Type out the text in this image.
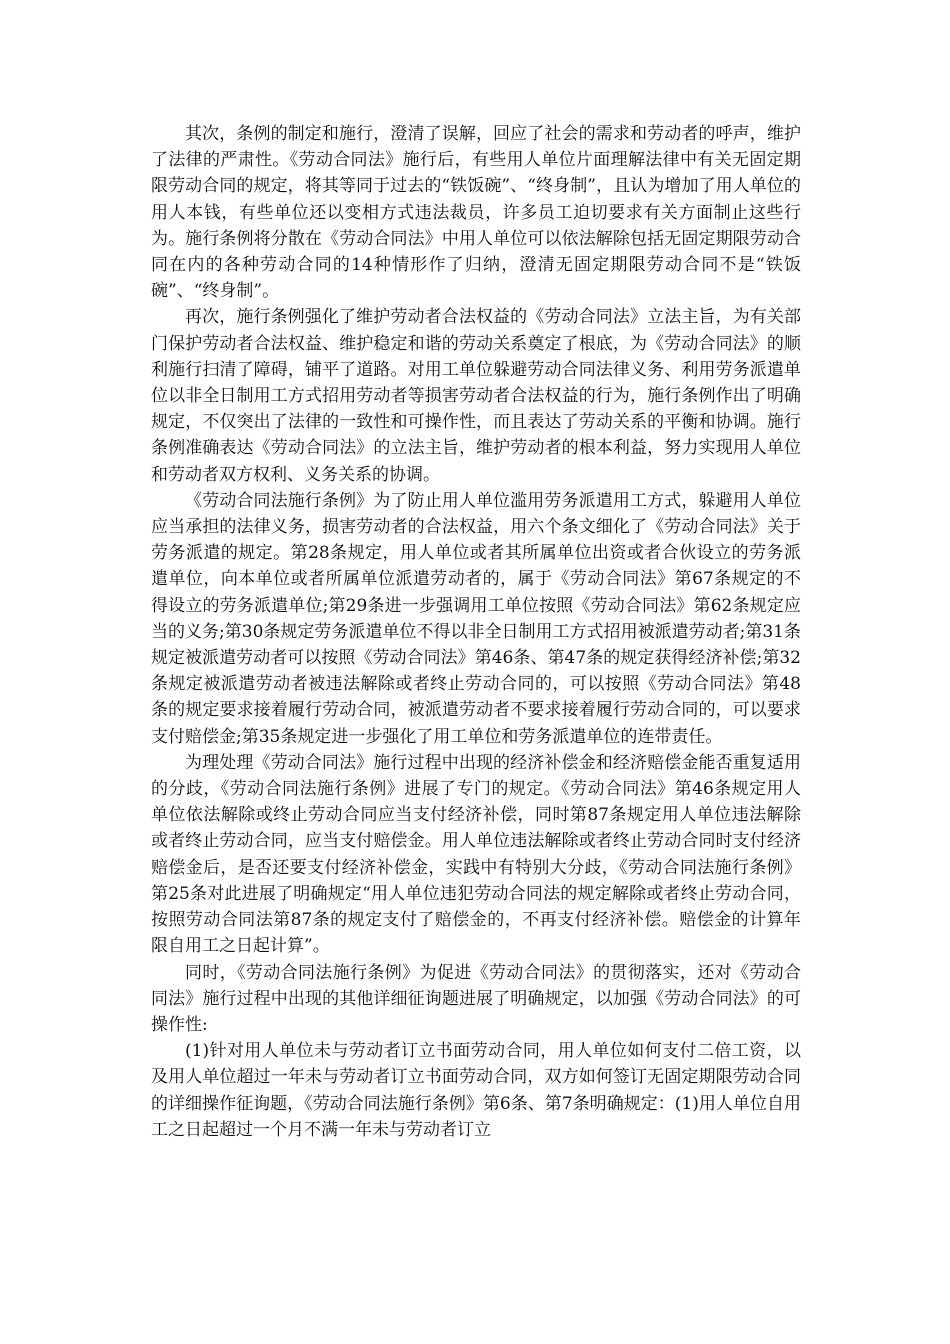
其次，条例的制定和施行，澄清了误解，回应了社会的需求和劳动者的呼声，维护了法律的严肃性。《劳动合同法》施行后，有些用人单位片面理解法律中有关无固定期限劳动合同的规定，将其等同于过去的“铁饭碗”、“终身制”，且认为增加了用人单位的用人本钱，有些单位还以变相方式违法裁员，许多员工迫切要求有关方面制止这些行为。施行条例将分散在《劳动合同法》中用人单位可以依法解除包括无固定期限劳动合同在内的各种劳动合同的14种情形作了归纳，澄清无固定期限劳动合同不是“铁饭碗”、“终身制”。

再次，施行条例强化了维护劳动者合法权益的《劳动合同法》立法主旨，为有关部门保护劳动者合法权益、维护稳定和谐的劳动关系奠定了根底，为《劳动合同法》的顺利施行扫清了障碍，铺平了道路。对用工单位躲避劳动合同法律义务、利用劳务派遣单位以非全日制用工方式招用劳动者等损害劳动者合法权益的行为，施行条例作出了明确规定，不仅突出了法律的一致性和可操作性，而且表达了劳动关系的平衡和协调。施行条例准确表达《劳动合同法》的立法主旨，维护劳动者的根本利益，努力实现用人单位和劳动者双方权利、义务关系的协调。

《劳动合同法施行条例》为了防止用人单位滥用劳务派遣用工方式，躲避用人单位应当承担的法律义务，损害劳动者的合法权益，用六个条文细化了《劳动合同法》关于劳务派遣的规定。第28条规定，用人单位或者其所属单位出资或者合伙设立的劳务派遣单位，向本单位或者所属单位派遣劳动者的，属于《劳动合同法》第67条规定的不得设立的劳务派遣单位;第29条进一步强调用工单位按照《劳动合同法》第62条规定应当的义务;第30条规定劳务派遣单位不得以非全日制用工方式招用被派遣劳动者;第31条规定被派遣劳动者可以按照《劳动合同法》第46条、第47条的规定获得经济补偿;第32条规定被派遣劳动者被违法解除或者终止劳动合同的，可以按照《劳动合同法》第48条的规定要求接着履行劳动合同，被派遣劳动者不要求接着履行劳动合同的，可以要求支付赔偿金;第35条规定进一步强化了用工单位和劳务派遣单位的连带责任。

为理处理《劳动合同法》施行过程中出现的经济补偿金和经济赔偿金能否重复适用的分歧，《劳动合同法施行条例》进展了专门的规定。《劳动合同法》第46条规定用人单位依法解除或终止劳动合同应当支付经济补偿，同时第87条规定用人单位违法解除或者终止劳动合同，应当支付赔偿金。用人单位违法解除或者终止劳动合同时支付经济赔偿金后，是否还要支付经济补偿金，实践中有特别大分歧，《劳动合同法施行条例》第25条对此进展了明确规定“用人单位违犯劳动合同法的规定解除或者终止劳动合同，按照劳动合同法第87条的规定支付了赔偿金的，不再支付经济补偿。赔偿金的计算年限自用工之日起计算”。

同时，《劳动合同法施行条例》为促进《劳动合同法》的贯彻落实，还对《劳动合同法》施行过程中出现的其他详细征询题进展了明确规定，以加强《劳动合同法》的可操作性:

(1)针对用人单位未与劳动者订立书面劳动合同，用人单位如何支付二倍工资，以及用人单位超过一年未与劳动者订立书面劳动合同，双方如何签订无固定期限劳动合同的详细操作征询题，《劳动合同法施行条例》第6条、第7条明确规定：(1)用人单位自用工之日起超过一个月不满一年未与劳动者订立
